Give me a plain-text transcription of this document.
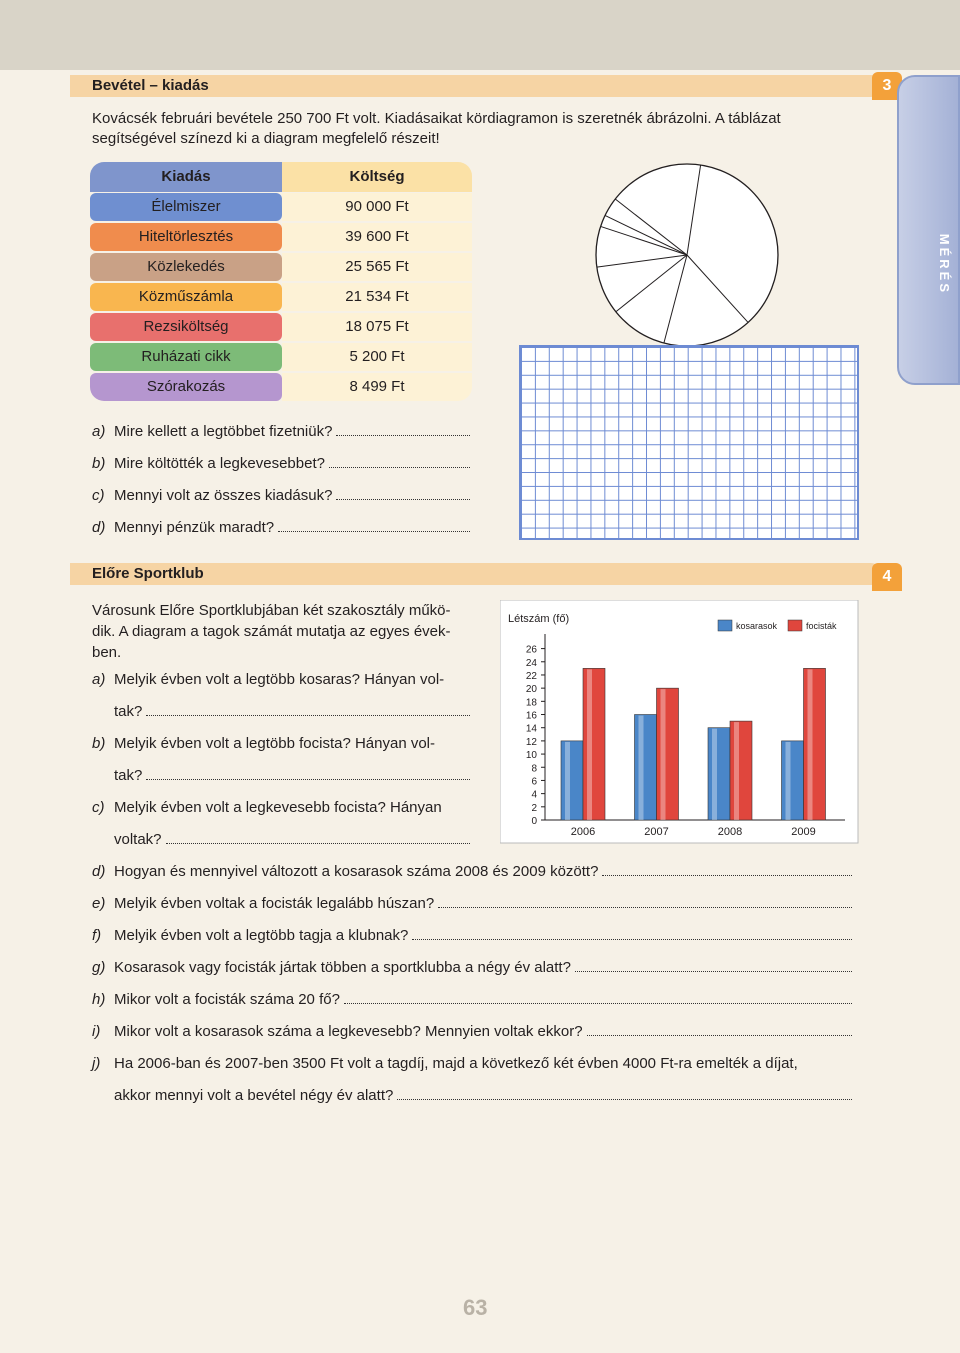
Bevétel – kiadás	3
MÉRÉS
Kovácsék februári bevétele 250 700 Ft volt. Kiadásaikat kördiagramon is szeretnék ábrázolni. A táblázat segítségével színezd ki a diagram megfelelő részeit!
Kiadás	Költség
Élelmiszer	90 000 Ft
Hiteltörlesztés	39 600 Ft
Közlekedés	25 565 Ft
Közműszámla	21 534 Ft
Rezsiköltség	18 075 Ft
Ruházati cikk	5 200 Ft
Szórakozás	8 499 Ft
a) Mire kellett a legtöbbet fizetniük?
b) Mire költötték a legkevesebbet?
c) Mennyi volt az összes kiadásuk?
d) Mennyi pénzük maradt?
Előre Sportklub	4
Városunk Előre Sportklubjában két szakosztály műkö-
dik. A diagram a tagok számát mutatja az egyes évek-
ben.
a) Melyik évben volt a legtöbb kosaras? Hányan vol-
tak?
b) Melyik évben volt a legtöbb focista? Hányan vol-
tak?
c) Melyik évben volt a legkevesebb focista? Hányan
voltak?
Létszám (fő)
0
2
4
6
8
10
12
14
16
18
20
22
24
26
2006	2007	2008	2009
kosarasok	focisták
d) Hogyan és mennyivel változott a kosarasok száma 2008 és 2009 között?
e) Melyik évben voltak a focisták legalább húszan?
f) Melyik évben volt a legtöbb tagja a klubnak?
g) Kosarasok vagy focisták jártak többen a sportklubba a négy év alatt?
h) Mikor volt a focisták száma 20 fő?
i) Mikor volt a kosarasok száma a legkevesebb? Mennyien voltak ekkor?
j) Ha 2006-ban és 2007-ben 3500 Ft volt a tagdíj, majd a következő két évben 4000 Ft-ra emelték a díjat,
akkor mennyi volt a bevétel négy év alatt?
63
